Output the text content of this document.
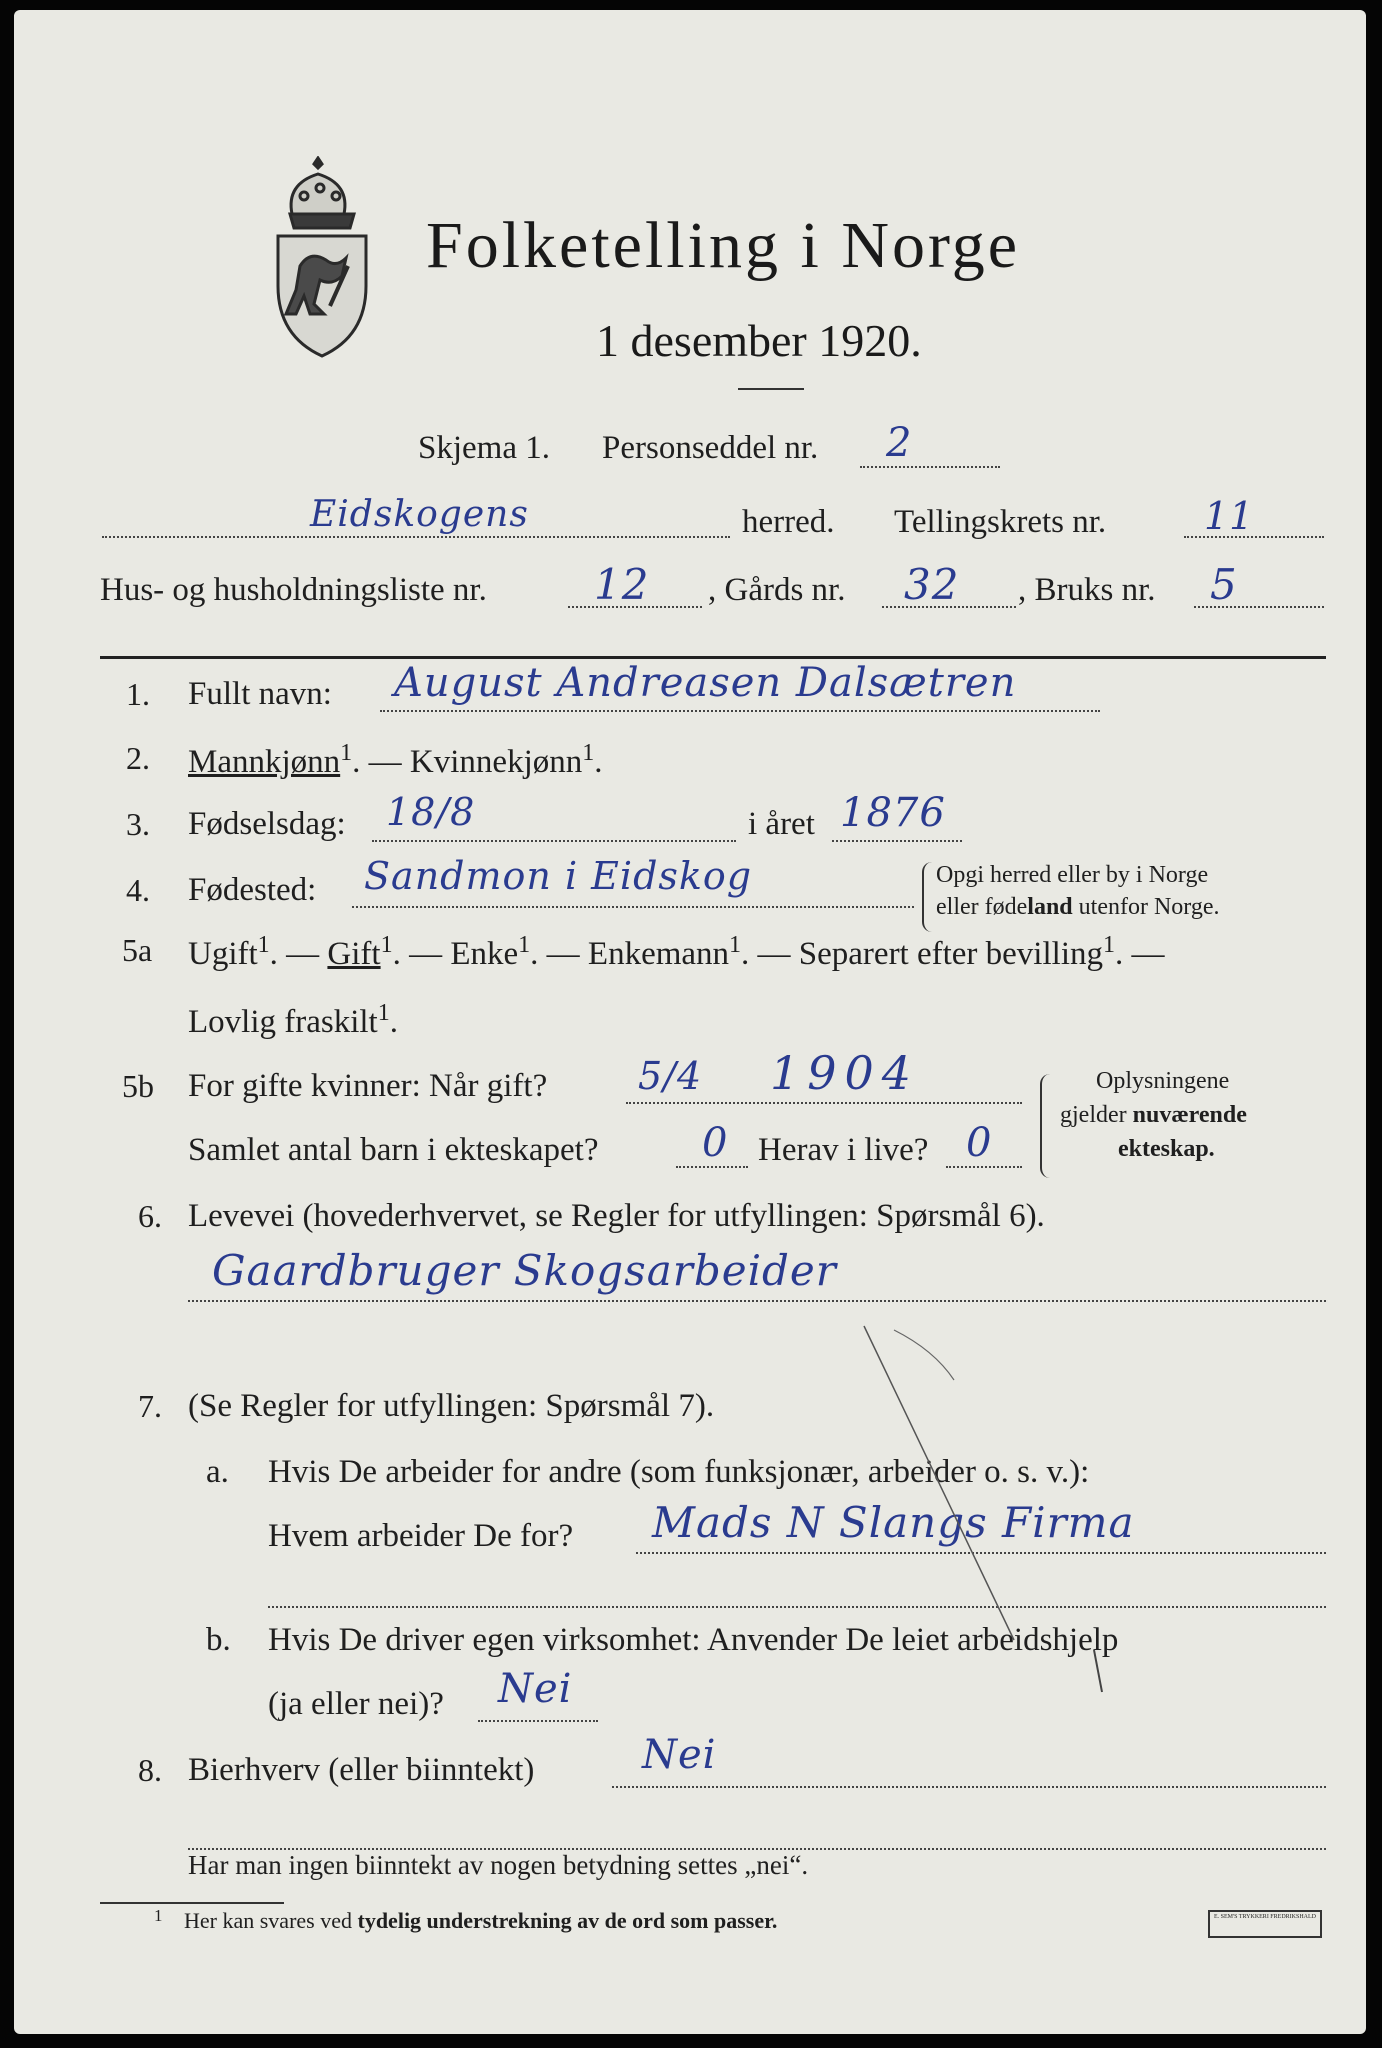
Folketelling i Norge
1 desember 1920.
Skjema 1. Personseddel nr. 2
Eidskogens	herred. Tellingskrets nr.	11
Hus- og husholdningsliste nr.	12 , Gårds nr. 32 , Bruks nr. 5
1. Fullt navn: August Andreasen Dalsætren
2. Mannkjønn$^1$. — Kvinnekjønn$^1$.
3. Fødselsdag: 18/8	i året 1876
4. Fødested: Sandmon i Eidskog	Opgi herred eller by i Norge
eller fødeland utenfor Norge.
5a Ugift$^1$. — Gift$^1$. — Enke$^1$. — Enkemann$^1$. — Separert efter bevilling$^1$. —
Lovlig fraskilt$^1$.
5b For gifte kvinner: Når gift? 5/4 1904
Samlet antal barn i ekteskapet?	0 Herav i live? 0
Oplysningene
gjelder nuværende
ekteskap.
6. Levevei (hovederhvervet, se Regler for utfyllingen: Spørsmål 6).
Gaardbruger Skogsarbeider
7. (Se Regler for utfyllingen: Spørsmål 7).
a. Hvis De arbeider for andre (som funksjonær, arbeider o. s. v.):
Hvem arbeider De for? Mads N Slangs Firma
b. Hvis De driver egen virksomhet: Anvender De leiet arbeidshjelp
(ja eller nei)? Nei
8. Bierhverv (eller biinntekt)	Nei
Har man ingen biinntekt av nogen betydning settes „nei“.
1 Her kan svares ved tydelig understrekning av de ord som passer.	E. SEM'S TRYKKERI FREDRIKSHALD
